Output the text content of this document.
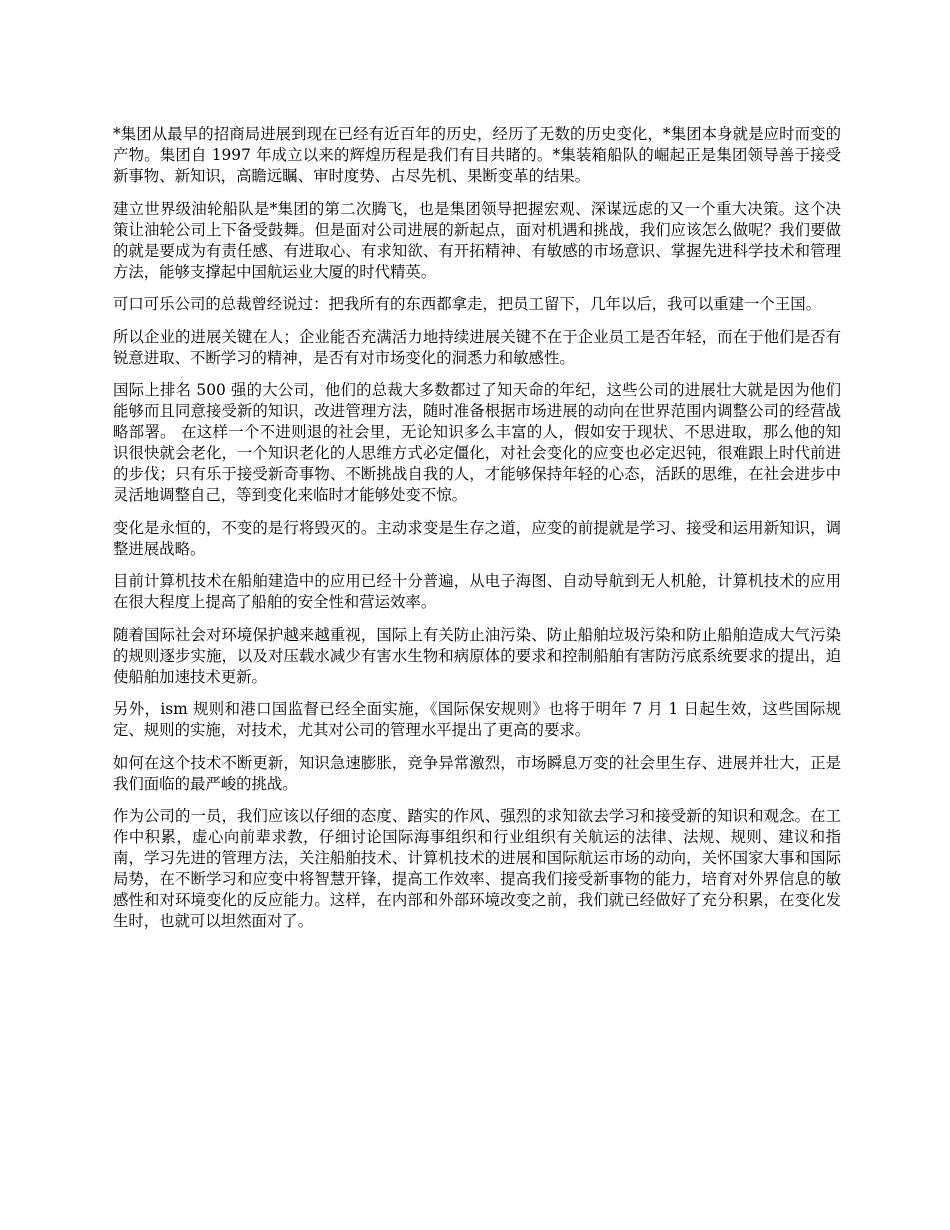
*集团从最早的招商局进展到现在已经有近百年的历史，经历了无数的历史变化，*集团本身就是应时而变的产物。集团自 1997 年成立以来的辉煌历程是我们有目共睹的。*集装箱船队的崛起正是集团领导善于接受新事物、新知识，高瞻远瞩、审时度势、占尽先机、果断变革的结果。

建立世界级油轮船队是*集团的第二次腾飞，也是集团领导把握宏观、深谋远虑的又一个重大决策。这个决策让油轮公司上下备受鼓舞。但是面对公司进展的新起点，面对机遇和挑战，我们应该怎么做呢？我们要做的就是要成为有责任感、有进取心、有求知欲、有开拓精神、有敏感的市场意识、掌握先进科学技术和管理方法，能够支撑起中国航运业大厦的时代精英。

可口可乐公司的总裁曾经说过：把我所有的东西都拿走，把员工留下，几年以后，我可以重建一个王国。

所以企业的进展关键在人；企业能否充满活力地持续进展关键不在于企业员工是否年轻，而在于他们是否有锐意进取、不断学习的精神，是否有对市场变化的洞悉力和敏感性。

国际上排名 500 强的大公司，他们的总裁大多数都过了知天命的年纪，这些公司的进展壮大就是因为他们能够而且同意接受新的知识，改进管理方法，随时准备根据市场进展的动向在世界范围内调整公司的经营战略部署。 在这样一个不进则退的社会里，无论知识多么丰富的人，假如安于现状、不思进取，那么他的知识很快就会老化，一个知识老化的人思维方式必定僵化，对社会变化的应变也必定迟钝，很难跟上时代前进的步伐；只有乐于接受新奇事物、不断挑战自我的人，才能够保持年轻的心态，活跃的思维，在社会进步中灵活地调整自己，等到变化来临时才能够处变不惊。

变化是永恒的，不变的是行将毁灭的。主动求变是生存之道，应变的前提就是学习、接受和运用新知识，调整进展战略。

目前计算机技术在船舶建造中的应用已经十分普遍，从电子海图、自动导航到无人机舱，计算机技术的应用在很大程度上提高了船舶的安全性和营运效率。

随着国际社会对环境保护越来越重视，国际上有关防止油污染、防止船舶垃圾污染和防止船舶造成大气污染的规则逐步实施，以及对压载水减少有害水生物和病原体的要求和控制船舶有害防污底系统要求的提出，迫使船舶加速技术更新。

另外，ism 规则和港口国监督已经全面实施，《国际保安规则》也将于明年 7 月 1 日起生效，这些国际规定、规则的实施，对技术，尤其对公司的管理水平提出了更高的要求。

如何在这个技术不断更新，知识急速膨胀，竞争异常激烈，市场瞬息万变的社会里生存、进展并壮大，正是我们面临的最严峻的挑战。

作为公司的一员，我们应该以仔细的态度、踏实的作风、强烈的求知欲去学习和接受新的知识和观念。在工作中积累，虚心向前辈求教，仔细讨论国际海事组织和行业组织有关航运的法律、法规、规则、建议和指南，学习先进的管理方法，关注船舶技术、计算机技术的进展和国际航运市场的动向，关怀国家大事和国际局势，在不断学习和应变中将智慧开锋，提高工作效率、提高我们接受新事物的能力，培育对外界信息的敏感性和对环境变化的反应能力。这样，在内部和外部环境改变之前，我们就已经做好了充分积累，在变化发生时，也就可以坦然面对了。
